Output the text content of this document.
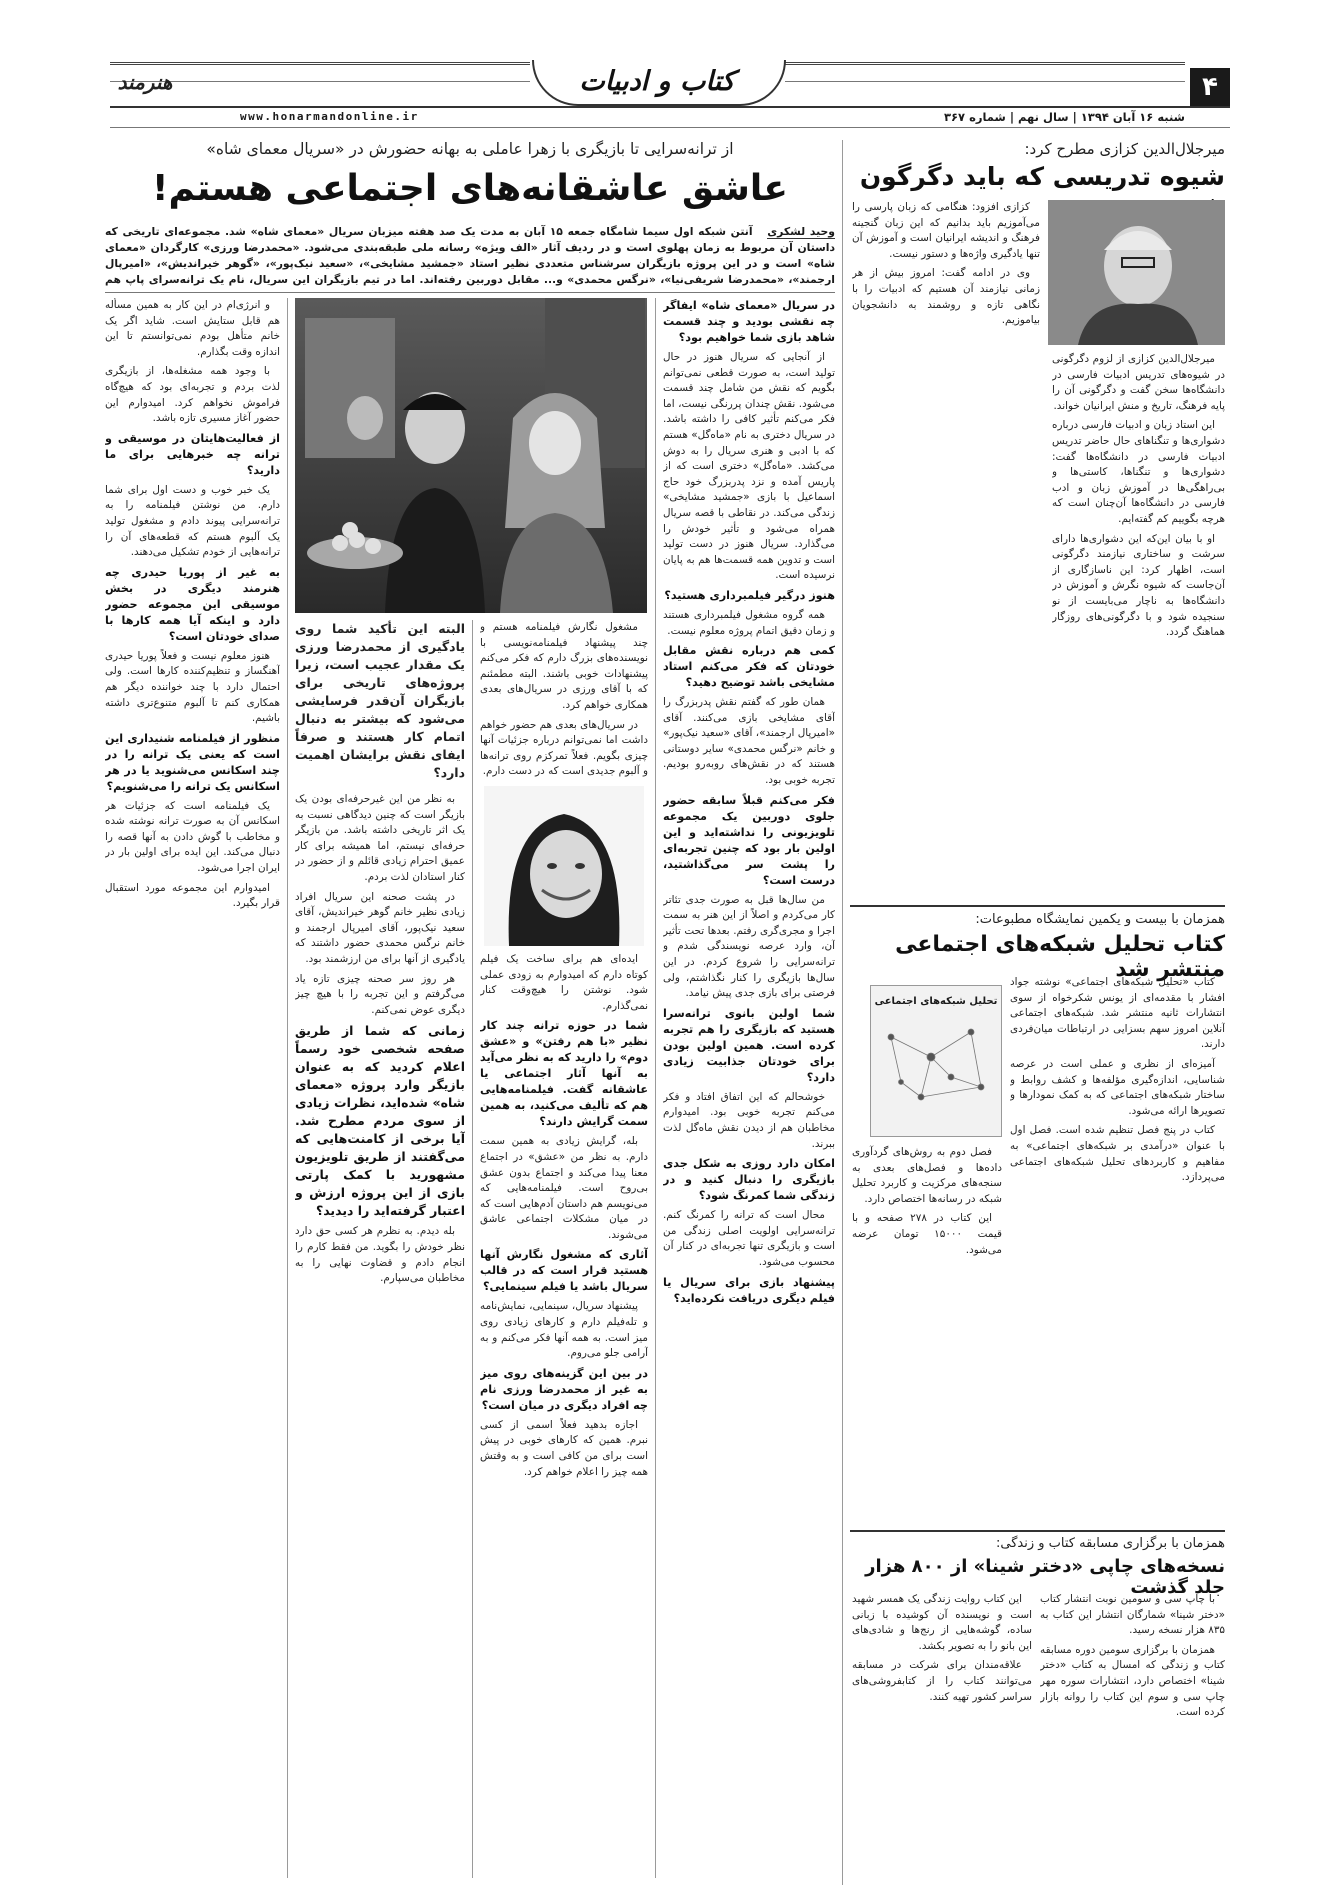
کتاب و ادبیات	۴
هنرمند
شنبه ۱۶ آبان ۱۳۹۴ | سال نهم | شماره ۳۶۷
www.honarmandonline.ir
میرجلال‌الدین کزازی مطرح کرد:
شیوه تدریسی که باید دگرگون

میرجلال‌الدین کزازی از لزوم دگرگونی در شیوه‌های تدریس ادبیات فارسی در دانشگاه‌ها سخن گفت و دگرگونی آن را پایه فرهنگ، تاریخ و منش ایرانیان خواند.

این استاد زبان و ادبیات فارسی درباره دشواری‌ها و تنگناهای حال حاضر تدریس ادبیات فارسی در دانشگاه‌ها گفت: دشواری‌ها و تنگناها، کاستی‌ها و بی‌راهگی‌ها در آموزش زبان و ادب فارسی در دانشگاه‌ها آن‌چنان است که هرچه بگوییم کم گفته‌ایم.

او با بیان این‌که این دشواری‌ها دارای سرشت و ساختاری نیازمند دگرگونی است، اظهار کرد: این ناسازگاری از آن‌جاست که شیوه نگرش و آموزش در دانشگاه‌ها به ناچار می‌بایست از نو سنجیده شود و با دگرگونی‌های روزگار هماهنگ گردد.

کزازی افزود: هنگامی که زبان پارسی را می‌آموزیم باید بدانیم که این زبان گنجینه فرهنگ و اندیشه ایرانیان است و آموزش آن تنها یادگیری واژه‌ها و دستور نیست.

وی در ادامه گفت: امروز بیش از هر زمانی نیازمند آن هستیم که ادبیات را با نگاهی تازه و روشمند به دانشجویان بیاموزیم.

همزمان با بیست و یکمین نمایشگاه مطبوعات:
کتاب تحلیل شبکه‌های اجتماعی منتشر شد
تحلیل شبکه‌های اجتماعی

کتاب «تحلیل شبکه‌های اجتماعی» نوشته جواد افشار با مقدمه‌ای از یونس شکرخواه از سوی انتشارات ثانیه منتشر شد. شبکه‌های اجتماعی آنلاین امروز سهم بسزایی در ارتباطات میان‌فردی دارند.

آمیزه‌ای از نظری و عملی است در عرصه شناسایی، اندازه‌گیری مؤلفه‌ها و کشف روابط و ساختار شبکه‌های اجتماعی که به کمک نمودارها و تصویرها ارائه می‌شود.

کتاب در پنج فصل تنظیم شده است. فصل اول با عنوان «درآمدی بر شبکه‌های اجتماعی» به مفاهیم و کاربردهای تحلیل شبکه‌های اجتماعی می‌پردازد.

فصل دوم به روش‌های گردآوری داده‌ها و فصل‌های بعدی به سنجه‌های مرکزیت و کاربرد تحلیل شبکه در رسانه‌ها اختصاص دارد.

این کتاب در ۲۷۸ صفحه و با قیمت ۱۵۰۰۰ تومان عرضه می‌شود.

همزمان با برگزاری مسابقه کتاب و زندگی:
نسخه‌های چاپی «دختر شینا» از ۸۰۰ هزار جلد گذشت

با چاپ سی و سومین نوبت انتشار کتاب «دختر شینا» شمارگان انتشار این کتاب به ۸۳۵ هزار نسخه رسید.

همزمان با برگزاری سومین دوره مسابقه کتاب و زندگی که امسال به کتاب «دختر شینا» اختصاص دارد، انتشارات سوره مهر چاپ سی و سوم این کتاب را روانه بازار کرده است.

این کتاب روایت زندگی یک همسر شهید است و نویسنده آن کوشیده با زبانی ساده، گوشه‌هایی از رنج‌ها و شادی‌های این بانو را به تصویر بکشد.

علاقه‌مندان برای شرکت در مسابقه می‌توانند کتاب را از کتابفروشی‌های سراسر کشور تهیه کنند.

از ترانه‌سرایی تا بازیگری با زهرا عاملی به بهانه حضورش در «سریال معمای شاه»
عاشق عاشقانه‌های اجتماعی هستم!
وحید لشکری آنتن شبکه اول سیما شامگاه جمعه ۱۵ آبان به مدت یک صد هفته میزبان سریال «معمای شاه» شد. مجموعه‌ای تاریخی که داستان آن مربوط به زمان پهلوی است و در ردیف آثار «الف ویژه» رسانه ملی طبقه‌بندی می‌شود. «محمدرضا ورزی» کارگردان «معمای شاه» است و در این پروژه بازیگران سرشناس متعددی نظیر استاد «جمشید مشایخی»، «سعید نیک‌پور»، «گوهر خیراندیش»، «امیرپال ارجمند»، «محمدرضا شریفی‌نیا»، «نرگس محمدی» و... مقابل دوربین رفته‌اند. اما در تیم بازیگران این سریال، نام یک ترانه‌سرای پاپ هم

در سریال «معمای شاه» ایفاگر چه نقشی بودید و چند قسمت شاهد بازی شما خواهیم بود؟

از آنجایی که سریال هنوز در حال تولید است، به صورت قطعی نمی‌توانم بگویم که نقش من شامل چند قسمت می‌شود. نقش چندان پررنگی نیست، اما فکر می‌کنم تأثیر کافی را داشته باشد. در سریال دختری به نام «ماه‌گل» هستم که با ادبی و هنری سریال را به دوش می‌کشد. «ماه‌گل» دختری است که از پاریس آمده و نزد پدربزرگ خود حاج اسماعیل با بازی «جمشید مشایخی» زندگی می‌کند. در نقاطی با قصه سریال همراه می‌شود و تأثیر خودش را می‌گذارد. سریال هنوز در دست تولید است و تدوین همه قسمت‌ها هم به پایان نرسیده است.

هنوز درگیر فیلمبرداری هستید؟

همه گروه مشغول فیلمبرداری هستند و زمان دقیق اتمام پروژه معلوم نیست.

کمی هم درباره نقش مقابل خودتان که فکر می‌کنم استاد مشایخی باشد توضیح دهید؟

همان طور که گفتم نقش پدربزرگ را آقای مشایخی بازی می‌کنند. آقای «امیرپال ارجمند»، آقای «سعید نیک‌پور» و خانم «نرگس محمدی» سایر دوستانی هستند که در نقش‌های روبه‌رو بودیم. تجربه خوبی بود.

فکر می‌کنم قبلاً سابقه حضور جلوی دوربین یک مجموعه تلویزیونی را نداشته‌اید و این اولین بار بود که چنین تجربه‌ای را پشت سر می‌گذاشتید، درست است؟

من سال‌ها قبل به صورت جدی تئاتر کار می‌کردم و اصلاً از این هنر به سمت اجرا و مجری‌گری رفتم. بعدها تحت تأثیر آن، وارد عرصه نویسندگی شدم و ترانه‌سرایی را شروع کردم. در این سال‌ها بازیگری را کنار نگذاشتم، ولی فرصتی برای بازی جدی پیش نیامد.

شما اولین بانوی ترانه‌سرا هستید که بازیگری را هم تجربه کرده است. همین اولین بودن برای خودتان جذابیت زیادی دارد؟

خوشحالم که این اتفاق افتاد و فکر می‌کنم تجربه خوبی بود. امیدوارم مخاطبان هم از دیدن نقش ماه‌گل لذت ببرند.

امکان دارد روزی به شکل جدی بازیگری را دنبال کنید و در زندگی شما کمرنگ شود؟

محال است که ترانه را کمرنگ کنم. ترانه‌سرایی اولویت اصلی زندگی من است و بازیگری تنها تجربه‌ای در کنار آن محسوب می‌شود.

پیشنهاد بازی برای سریال یا فیلم دیگری دریافت نکرده‌اید؟

مشغول نگارش فیلمنامه هستم و چند پیشنهاد فیلمنامه‌نویسی با نویسنده‌های بزرگ دارم که فکر می‌کنم پیشنهادات خوبی باشند. البته مطمئنم که با آقای ورزی در سریال‌های بعدی همکاری خواهم کرد.

در سریال‌های بعدی هم حضور خواهم داشت اما نمی‌توانم درباره جزئیات آنها چیزی بگویم. فعلاً تمرکزم روی ترانه‌ها و آلبوم جدیدی است که در دست دارم.

ایده‌ای هم برای ساخت یک فیلم کوتاه دارم که امیدوارم به زودی عملی شود. نوشتن را هیچ‌وقت کنار نمی‌گذارم.

شما در حوزه ترانه چند کار نظیر «با هم رفتن» و «عشق دوم» را دارید که به نظر می‌آید به آنها آثار اجتماعی یا عاشقانه گفت. فیلمنامه‌هایی هم که تألیف می‌کنید، به همین سمت گرایش دارند؟

بله، گرایش زیادی به همین سمت دارم. به نظر من «عشق» در اجتماع معنا پیدا می‌کند و اجتماع بدون عشق بی‌روح است. فیلمنامه‌هایی که می‌نویسم هم داستان آدم‌هایی است که در میان مشکلات اجتماعی عاشق می‌شوند.

آثاری که مشغول نگارش آنها هستید قرار است که در قالب سریال باشد یا فیلم سینمایی؟

پیشنهاد سریال، سینمایی، نمایش‌نامه و تله‌فیلم دارم و کار‌های زیادی روی میز است. به همه آنها فکر می‌کنم و به آرامی جلو می‌روم.

در بین این گزینه‌های روی میز به غیر از محمدرضا ورزی نام چه افراد دیگری در میان است؟

اجازه بدهید فعلاً اسمی از کسی نبرم. همین که کارهای خوبی در پیش است برای من کافی است و به وقتش همه چیز را اعلام خواهم کرد.

البته این تأکید شما روی یادگیری از محمدرضا ورزی یک مقدار عجیب است، زیرا پروژه‌های تاریخی برای بازیگران آن‌قدر فرسایشی می‌شود که بیشتر به دنبال اتمام کار هستند و صرفاً ایفای نقش برایشان اهمیت دارد؟

به نظر من این غیرحرفه‌ای بودن یک بازیگر است که چنین دیدگاهی نسبت به یک اثر تاریخی داشته باشد. من بازیگر حرفه‌ای نیستم، اما همیشه برای کار عمیق احترام زیادی قائلم و از حضور در کنار استادان لذت بردم.

در پشت صحنه این سریال افراد زیادی نظیر خانم گوهر خیراندیش، آقای سعید نیک‌پور، آقای امیرپال ارجمند و خانم نرگس محمدی حضور داشتند که یادگیری از آنها برای من ارزشمند بود.

هر روز سر صحنه چیزی تازه یاد می‌گرفتم و این تجربه را با هیچ چیز دیگری عوض نمی‌کنم.

زمانی که شما از طریق صفحه شخصی خود رسماً اعلام کردید که به عنوان بازیگر وارد پروژه «معمای شاه» شده‌اید، نظرات زیادی از سوی مردم مطرح شد. آیا برخی از کامنت‌هایی که می‌گفتند از طریق تلویزیون مشهورید با کمک پارتی بازی از این پروژه ارزش و اعتبار گرفته‌اید را دیدید؟

بله دیدم. به نظرم هر کسی حق دارد نظر خودش را بگوید. من فقط کارم را انجام دادم و قضاوت نهایی را به مخاطبان می‌سپارم.

و انرژی‌ام در این کار به همین مسأله هم قابل ستایش است. شاید اگر یک خانم متأهل بودم نمی‌توانستم تا این اندازه وقت بگذارم.

با وجود همه مشغله‌ها، از بازیگری لذت بردم و تجربه‌ای بود که هیچ‌گاه فراموش نخواهم کرد. امیدوارم این حضور آغاز مسیری تازه باشد.

از فعالیت‌هایتان در موسیقی و ترانه چه خبرهایی برای ما دارید؟

یک خبر خوب و دست اول برای شما دارم. من نوشتن فیلمنامه را به ترانه‌سرایی پیوند دادم و مشغول تولید یک آلبوم هستم که قطعه‌های آن را ترانه‌هایی از خودم تشکیل می‌دهند.

به غیر از پوریا حیدری چه هنرمند دیگری در بخش موسیقی این مجموعه حضور دارد و اینکه آیا همه کارها با صدای خودتان است؟

هنوز معلوم نیست و فعلاً پوریا حیدری آهنگساز و تنظیم‌کننده کارها است. ولی احتمال دارد با چند خواننده دیگر هم همکاری کنم تا آلبوم متنوع‌تری داشته باشیم.

منظور از فیلمنامه شنیداری این است که یعنی یک ترانه را در چند اسکانس می‌شنوید یا در هر اسکانس یک ترانه را می‌شنویم؟

یک فیلمنامه است که جزئیات هر اسکانس آن به صورت ترانه نوشته شده و مخاطب با گوش دادن به آنها قصه را دنبال می‌کند. این ایده برای اولین بار در ایران اجرا می‌شود.

امیدوارم این مجموعه مورد استقبال قرار بگیرد.
